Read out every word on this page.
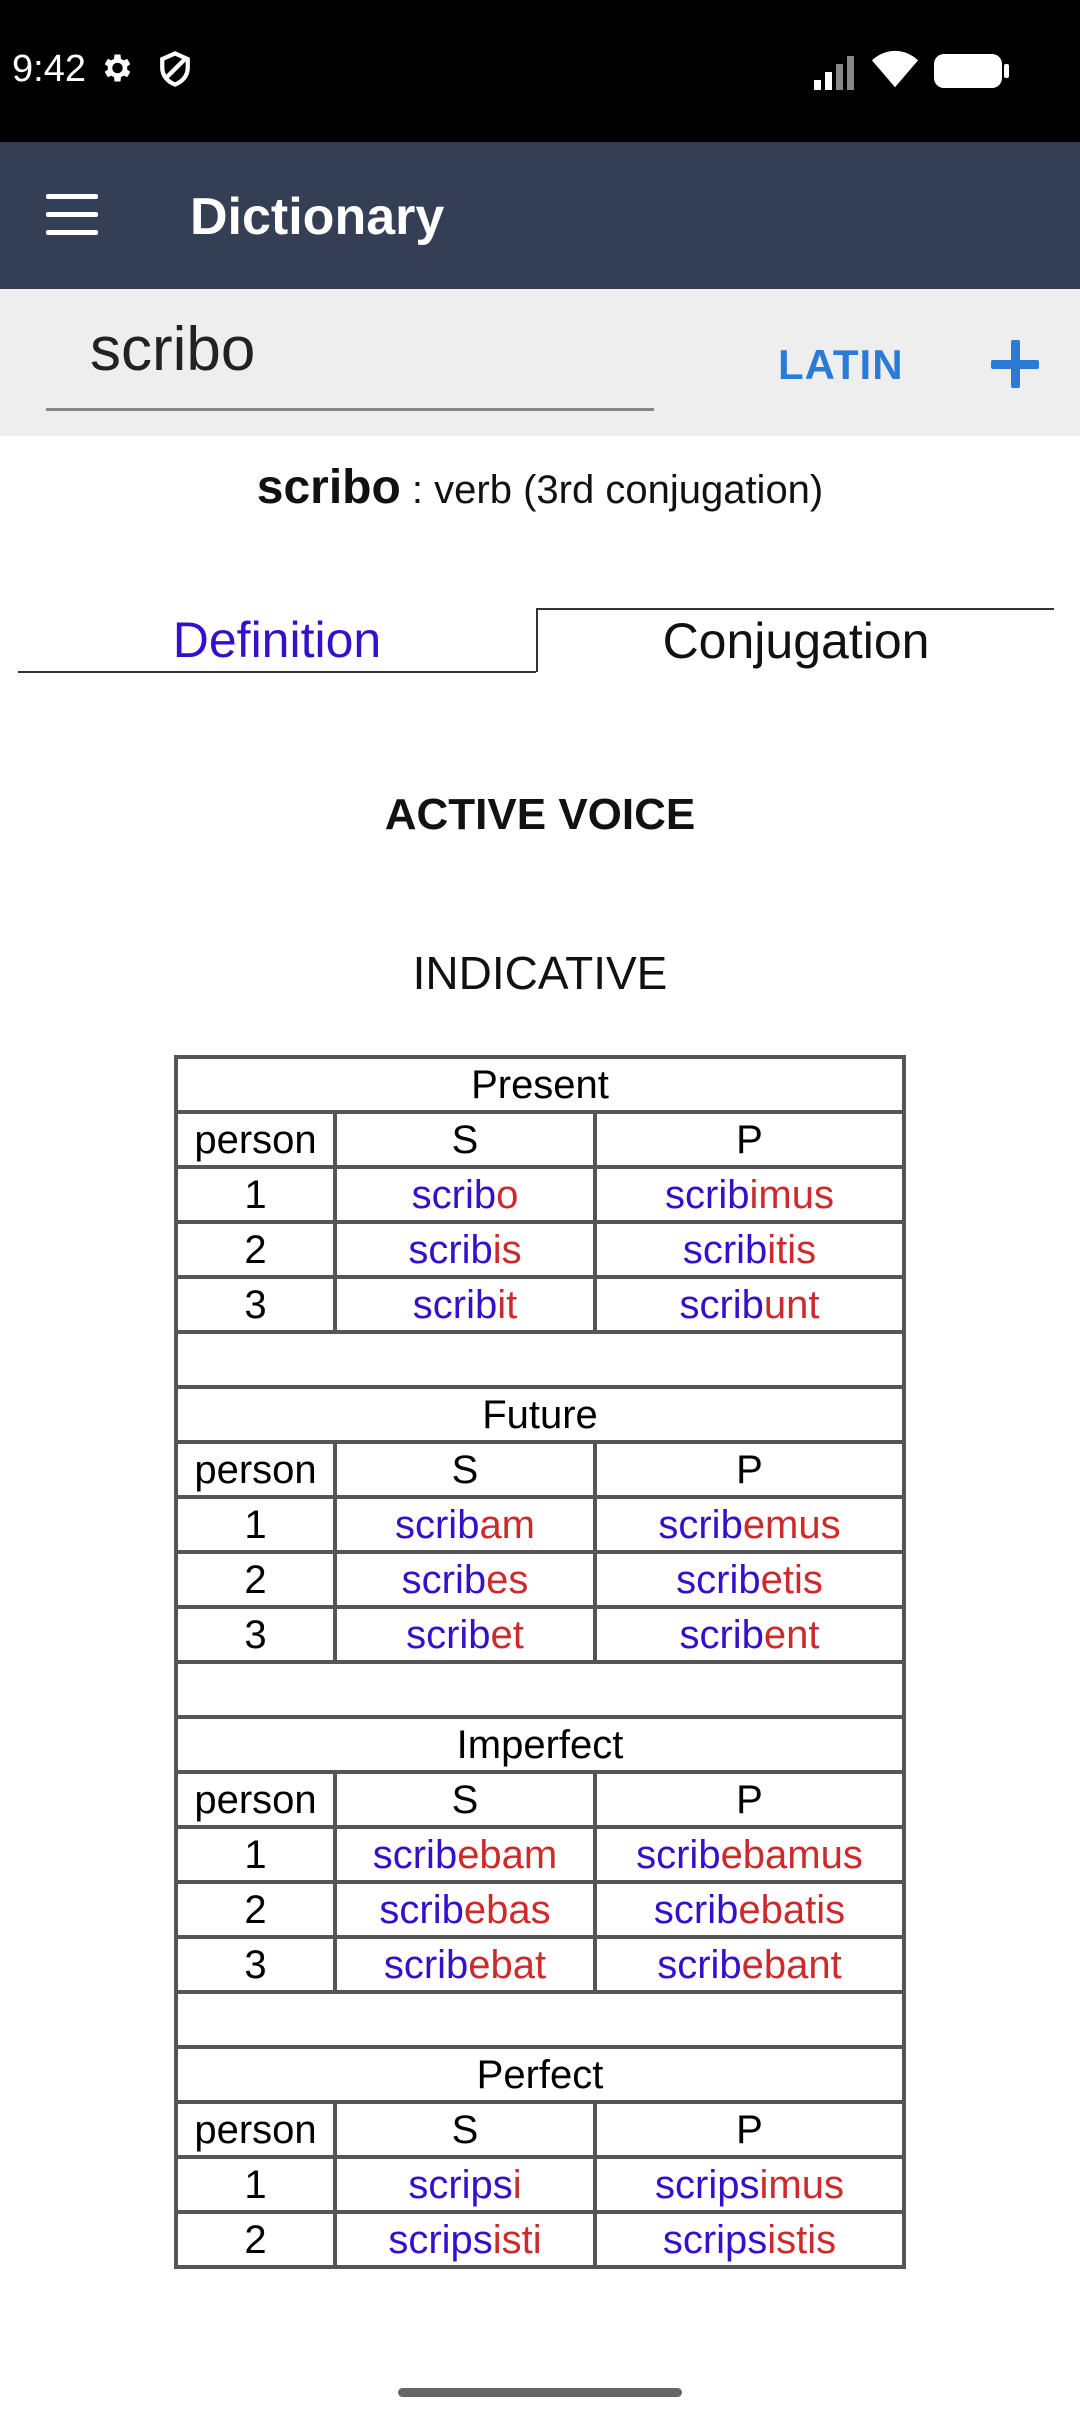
9:42
Dictionary
scribo	LATIN
scribo : verb (3rd conjugation)
Definition	Conjugation
ACTIVE VOICE
INDICATIVE
Present		
person	S	P
1	scribo	scribimus
2	scribis	scribitis
3	scribit	scribunt

Future		
person	S	P
1	scribam	scribemus
2	scribes	scribetis
3	scribet	scribent

Imperfect		
person	S	P
1	scribebam	scribebamus
2	scribebas	scribebatis
3	scribebat	scribebant

Perfect		
person	S	P
1	scripsi	scripsimus
2	scripsisti	scripsistis
